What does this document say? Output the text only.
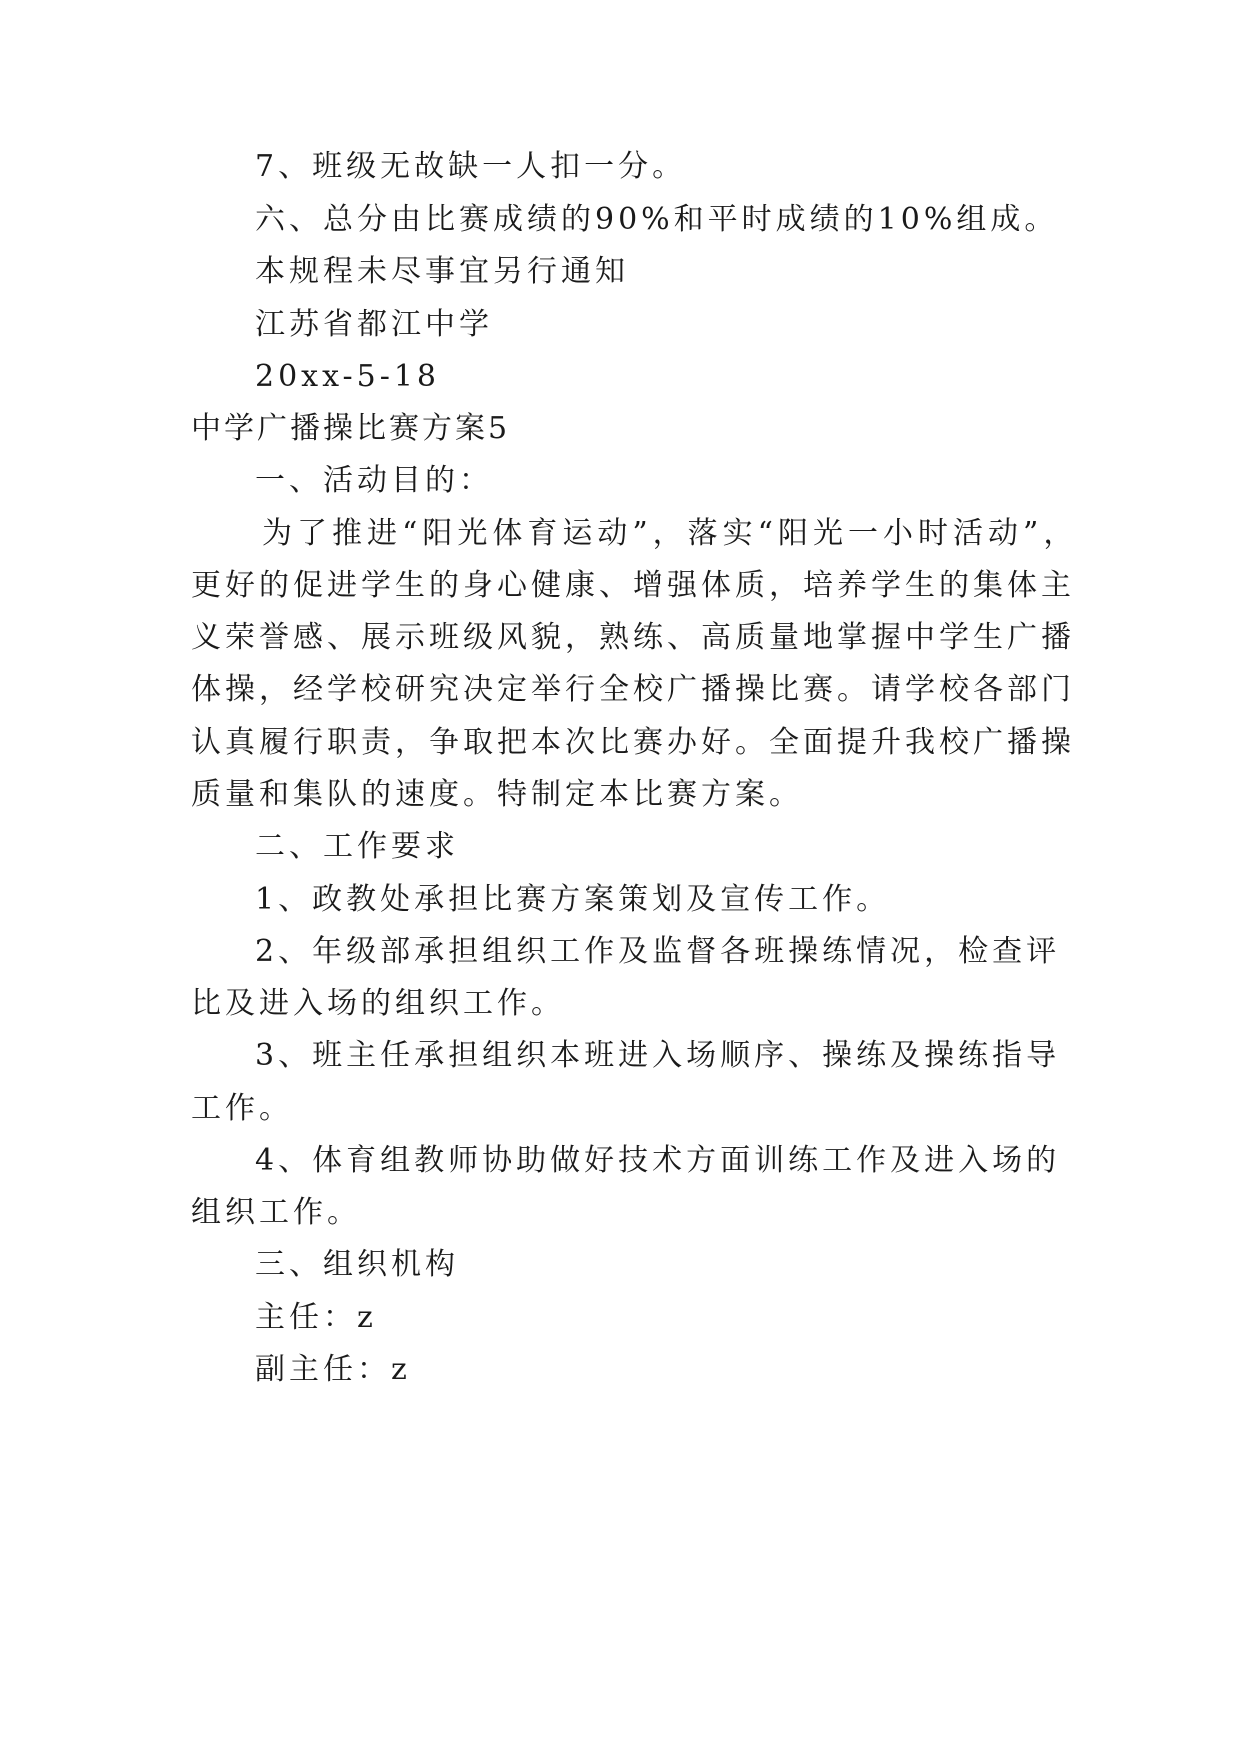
7、班级无故缺一人扣一分。
六、总分由比赛成绩的90%和平时成绩的10%组成。
本规程未尽事宜另行通知
江苏省都江中学
20xx-5-18
中学广播操比赛方案5
一、活动目的：
为了推进“阳光体育运动”，落实“阳光一小时活动”，
更好的促进学生的身心健康、增强体质，培养学生的集体主
义荣誉感、展示班级风貌，熟练、高质量地掌握中学生广播
体操，经学校研究决定举行全校广播操比赛。请学校各部门
认真履行职责，争取把本次比赛办好。全面提升我校广播操
质量和集队的速度。特制定本比赛方案。
二、工作要求
1、政教处承担比赛方案策划及宣传工作。
2、年级部承担组织工作及监督各班操练情况，检查评
比及进入场的组织工作。
3、班主任承担组织本班进入场顺序、操练及操练指导
工作。
4、体育组教师协助做好技术方面训练工作及进入场的
组织工作。
三、组织机构
主任：z
副主任：z
